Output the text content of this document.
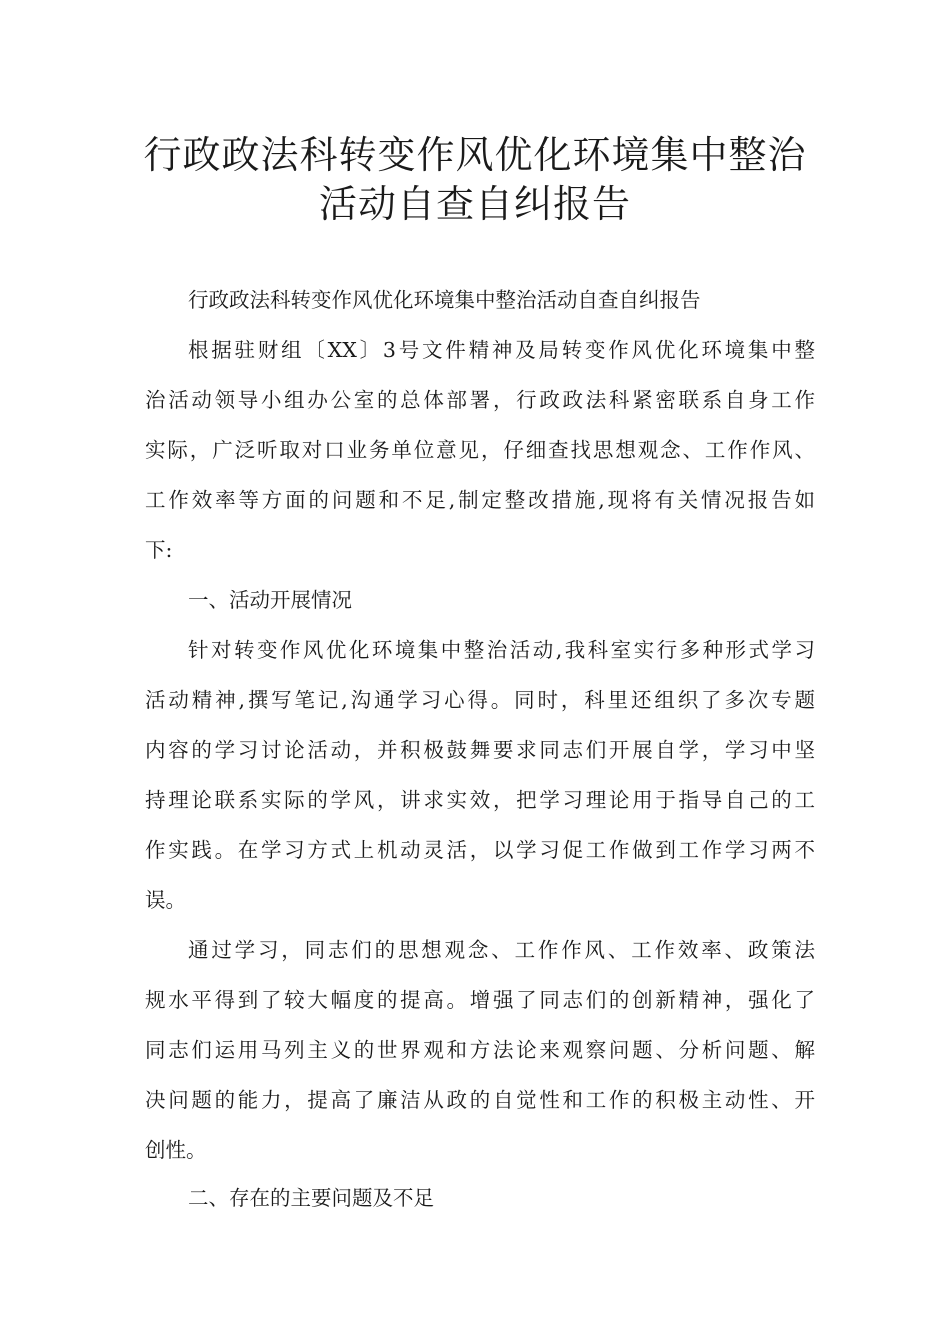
行政政法科转变作风优化环境集中整治
活动自查自纠报告
行政政法科转变作风优化环境集中整治活动自查自纠报告
根据驻财组〔XX〕3号文件精神及局转变作风优化环境集中整
治活动领导小组办公室的总体部署，行政政法科紧密联系自身工作
实际，广泛听取对口业务单位意见，仔细查找思想观念、工作作风、
工作效率等方面的问题和不足,制定整改措施,现将有关情况报告如
下:
一、活动开展情况
针对转变作风优化环境集中整治活动,我科室实行多种形式学习
活动精神,撰写笔记,沟通学习心得。同时，科里还组织了多次专题
内容的学习讨论活动，并积极鼓舞要求同志们开展自学，学习中坚
持理论联系实际的学风，讲求实效，把学习理论用于指导自己的工
作实践。在学习方式上机动灵活，以学习促工作做到工作学习两不
误。
通过学习，同志们的思想观念、工作作风、工作效率、政策法
规水平得到了较大幅度的提高。增强了同志们的创新精神，强化了
同志们运用马列主义的世界观和方法论来观察问题、分析问题、解
决问题的能力，提高了廉洁从政的自觉性和工作的积极主动性、开
创性。
二、存在的主要问题及不足
